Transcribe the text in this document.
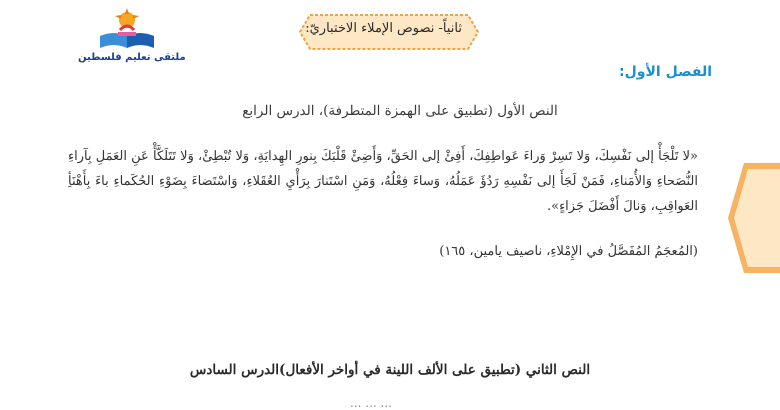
ملتقى تعليم فلسطين
ثانياً- نصوص الإملاء الاختباريّ:
الفصل الأول:
النص الأول (تطبيق على الهمزة المتطرفة)، الدرس الرابع
«لا تَلْجَأْ إلى نَفْسِكَ، وَلا تَسِرْ وَراءَ عَواطِفِكَ، أَفِئْ إلى الحَقِّ، وَأَضِئْ قَلْبَكَ بِنورِ الهِدايَةِ، وَلا تُبْطِئْ، وَلا تَتَلَكَّأْ عَنِ العَمَلِ بِآراءِ النُّصَحاءِ وَالأُمَناءِ، فَمَنْ لَجَأَ إلى نَفْسِهِ رَدُؤَ عَمَلُهُ، وَساءَ فِعْلُهُ، وَمَنِ اسْتَنارَ بِرَأْيِ العُقَلاءِ، وَاسْتَضاءَ بِضَوْءِ الحُكَماءِ باءَ بِأَهْنَأِ العَواقِبِ، وَنالَ أَفْضَلَ جَزاءٍ».
(المُعجَمُ المُفَصَّلُ في الإِمْلاءِ، ناصيف يامين، ١٦٥)
النص الثاني (تطبيق على الألف اللينة في أواخر الأفعال)الدرس السادس
... ... ...
